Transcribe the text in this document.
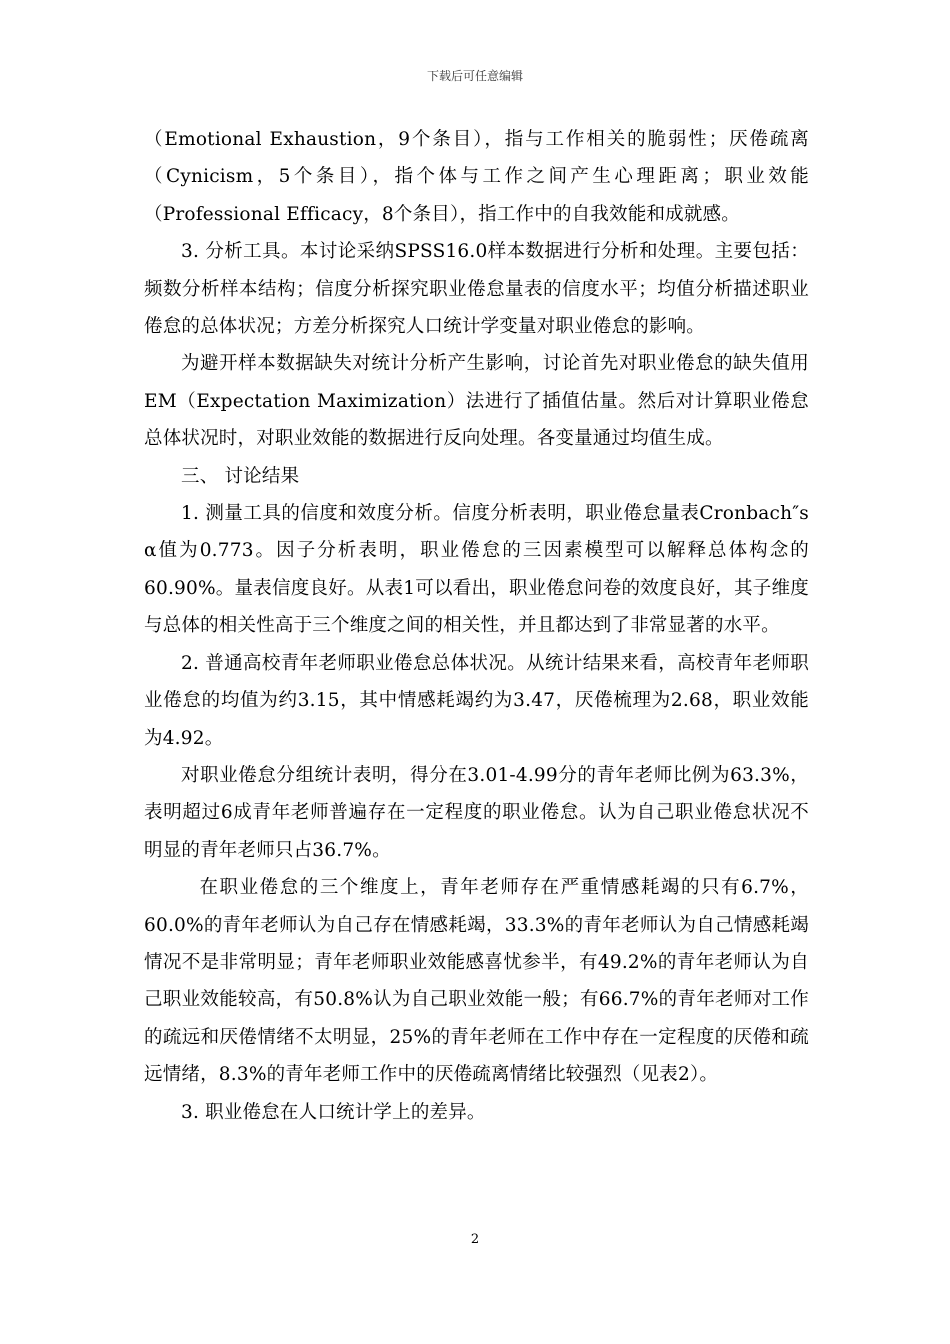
下载后可任意编辑

（Emotional Exhaustion，9个条目），指与工作相关的脆弱性；厌倦疏离（Cynicism，5个条目），指个体与工作之间产生心理距离；职业效能（Professional Efficacy，8个条目），指工作中的自我效能和成就感。

3. 分析工具。本讨论采纳SPSS16.0样本数据进行分析和处理。主要包括：频数分析样本结构；信度分析探究职业倦怠量表的信度水平；均值分析描述职业倦怠的总体状况；方差分析探究人口统计学变量对职业倦怠的影响。

为避开样本数据缺失对统计分析产生影响，讨论首先对职业倦怠的缺失值用EM（Expectation Maximization）法进行了插值估量。然后对计算职业倦怠总体状况时，对职业效能的数据进行反向处理。各变量通过均值生成。

三、 讨论结果

1. 测量工具的信度和效度分析。信度分析表明，职业倦怠量表Cronbach″s α值为0.773。因子分析表明，职业倦怠的三因素模型可以解释总体构念的60.90%。量表信度良好。从表1可以看出，职业倦怠问卷的效度良好，其子维度与总体的相关性高于三个维度之间的相关性，并且都达到了非常显著的水平。

2. 普通高校青年老师职业倦怠总体状况。从统计结果来看，高校青年老师职业倦怠的均值为约3.15，其中情感耗竭约为3.47，厌倦梳理为2.68，职业效能为4.92。

对职业倦怠分组统计表明，得分在3.01-4.99分的青年老师比例为63.3%，表明超过6成青年老师普遍存在一定程度的职业倦怠。认为自己职业倦怠状况不明显的青年老师只占36.7%。

在职业倦怠的三个维度上，青年老师存在严重情感耗竭的只有6.7%，60.0%的青年老师认为自己存在情感耗竭，33.3%的青年老师认为自己情感耗竭情况不是非常明显；青年老师职业效能感喜忧参半，有49.2%的青年老师认为自己职业效能较高，有50.8%认为自己职业效能一般；有66.7%的青年老师对工作的疏远和厌倦情绪不太明显，25%的青年老师在工作中存在一定程度的厌倦和疏远情绪，8.3%的青年老师工作中的厌倦疏离情绪比较强烈（见表2）。

3. 职业倦怠在人口统计学上的差异。

2
